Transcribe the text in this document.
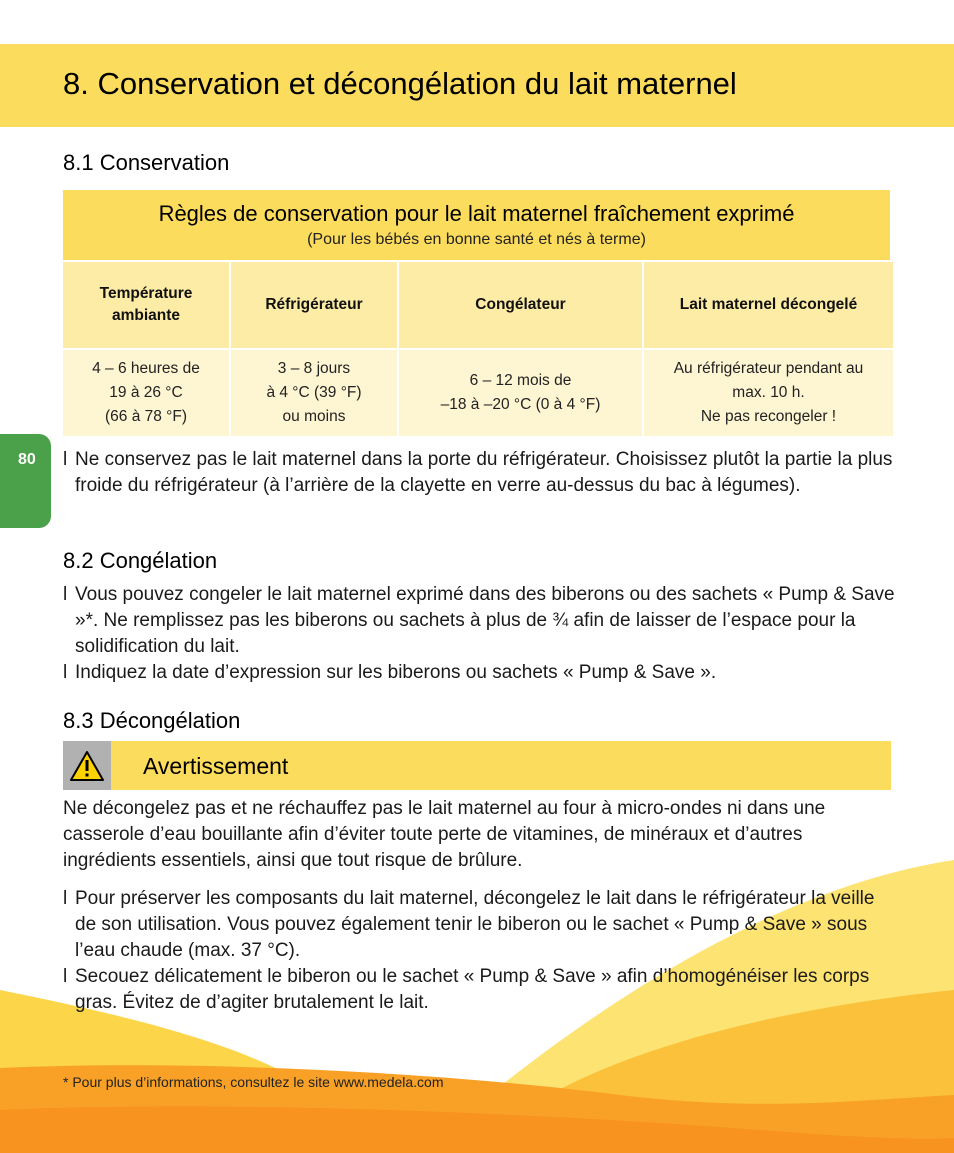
8. Conservation et décongélation du lait maternel
8.1 Conservation
Règles de conservation pour le lait maternel fraîchement exprimé
(Pour les bébés en bonne santé et nés à terme)
Température
ambiante
Réfrigérateur	Congélateur	Lait maternel décongelé
4 – 6 heures de
19 à 26 °C
(66 à 78 °F)
3 – 8 jours
à 4 °C (39 °F)
ou moins
6 – 12 mois de
–18 à –20 °C (0 à 4 °F)
Au réfrigérateur pendant au
max. 10 h.
Ne pas recongeler !
80 l Ne conservez pas le lait maternel dans la porte du réfrigérateur. Choisissez plutôt la partie la plus froide du réfrigérateur (à l’arrière de la clayette en verre au-dessus du bac à légumes).

8.2 Congélation

l Vous pouvez congeler le lait maternel exprimé dans des biberons ou des sachets « Pump & Save »*. Ne remplissez pas les biberons ou sachets à plus de ¾ afin de laisser de l’espace pour la solidification du lait.

l Indiquez la date d’expression sur les biberons ou sachets « Pump & Save ».

8.3 Décongélation
Avertissement

Ne décongelez pas et ne réchauffez pas le lait maternel au four à micro-ondes ni dans une casserole d’eau bouillante afin d’éviter toute perte de vitamines, de minéraux et d’autres ingrédients essentiels, ainsi que tout risque de brûlure.

l Pour préserver les composants du lait maternel, décongelez le lait dans le réfrigérateur la veille de son utilisation. Vous pouvez également tenir le biberon ou le sachet « Pump & Save » sous l’eau chaude (max. 37 °C).

l Secouez délicatement le biberon ou le sachet « Pump & Save » afin d’homogénéiser les corps gras. Évitez de d’agiter brutalement le lait.

* Pour plus d’informations, consultez le site www.medela.com
